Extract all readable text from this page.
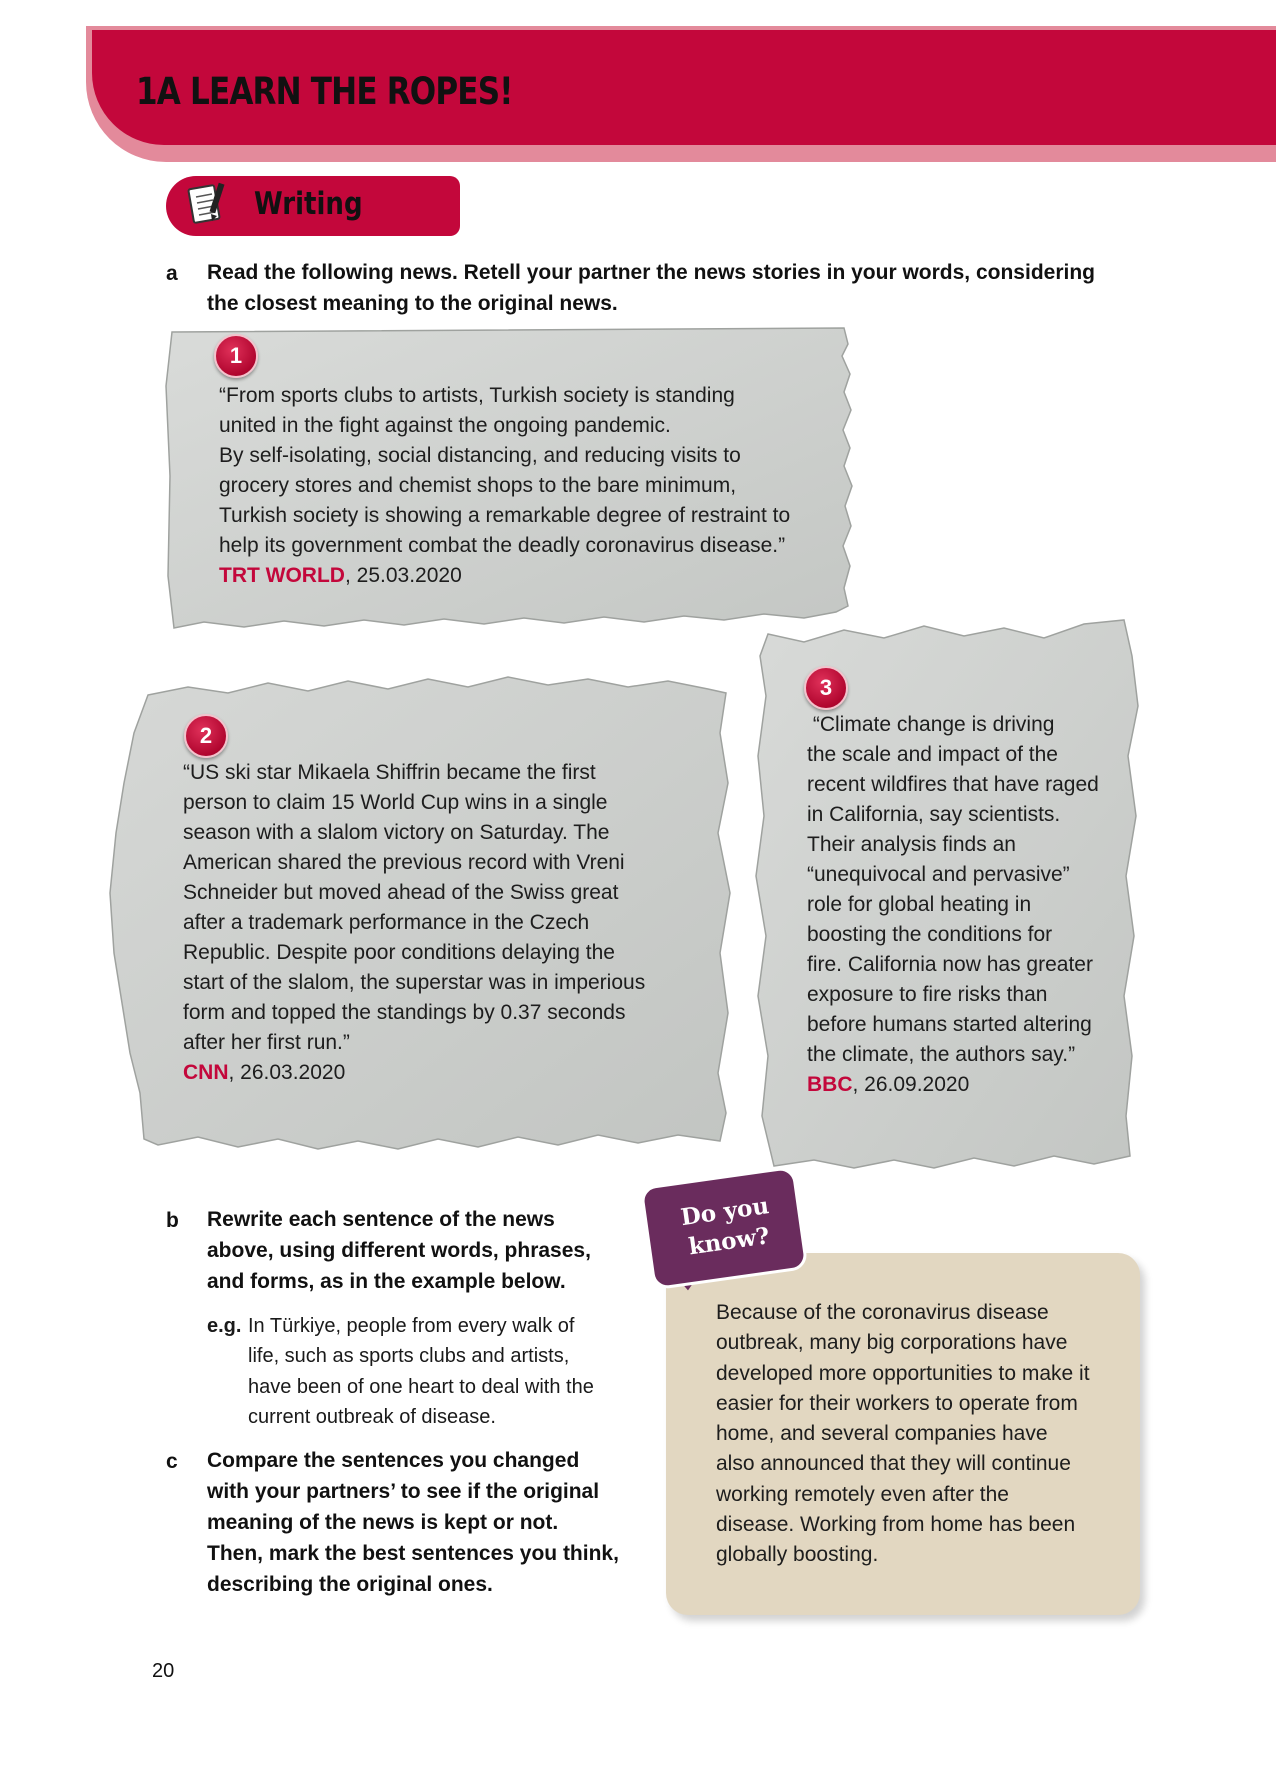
1A LEARN THE ROPES!
Writing
a Read the following news. Retell your partner the news stories in your words, considering
the closest meaning to the original news.
1
“From sports clubs to artists, Turkish society is standing
united in the fight against the ongoing pandemic.
By self-isolating, social distancing, and reducing visits to
grocery stores and chemist shops to the bare minimum,
Turkish society is showing a remarkable degree of restraint to
help its government combat the deadly coronavirus disease.”
TRT WORLD, 25.03.2020
2
“US ski star Mikaela Shiffrin became the first
person to claim 15 World Cup wins in a single
season with a slalom victory on Saturday. The
American shared the previous record with Vreni
Schneider but moved ahead of the Swiss great
after a trademark performance in the Czech
Republic. Despite poor conditions delaying the
start of the slalom, the superstar was in imperious
form and topped the standings by 0.37 seconds
after her first run.”
CNN, 26.03.2020
3
“Climate change is driving
the scale and impact of the
recent wildfires that have raged
in California, say scientists.
Their analysis finds an
“unequivocal and pervasive”
role for global heating in
boosting the conditions for
fire. California now has greater
exposure to fire risks than
before humans started altering
the climate, the authors say.”
BBC, 26.09.2020
b Rewrite each sentence of the news
above, using different words, phrases,
and forms, as in the example below.
e.g. In Türkiye, people from every walk of
life, such as sports clubs and artists,
have been of one heart to deal with the
current outbreak of disease.
c Compare the sentences you changed
with your partners’ to see if the original
meaning of the news is kept or not.
Then, mark the best sentences you think,
describing the original ones.
Do you
know?
Because of the coronavirus disease
outbreak, many big corporations have
developed more opportunities to make it
easier for their workers to operate from
home, and several companies have
also announced that they will continue
working remotely even after the
disease. Working from home has been
globally boosting.
20
